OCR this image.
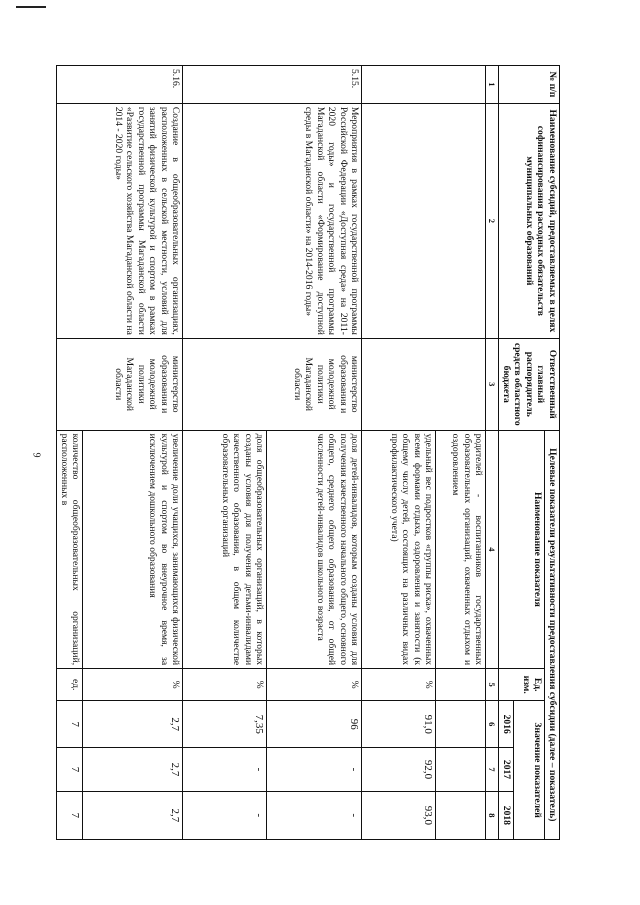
9
№ п/п	Наименование субсидий, предоставляемых в целях софинансирования расходных обязательств муниципальных образований	Ответственный главный распорядитель средств областного бюджета	Целевые показатели результативности предоставления субсидии (далее – показатель)				
			Наименование показателя	Ед. изм.	Значение показателей		
					2016	2017	2018
1	2	3	4	5	6	7	8
			родителей - воспитанников государственных образовательных организаций, охваченных отдыхом и оздоровлением				
			удельный вес подростков «группы риска», охваченных всеми формами отдыха, оздоровления и занятости (к общему числу детей, состоящих на различных видах профилактического учета)	%	91,0	92,0	93,0
5.15.	Мероприятия в рамках государственной программы Российской Федерации «Доступная среда» на 2011-2020 годы» и государственной программы Магаданской области «Формирование доступной среды в Магаданской области» на 2014-2016 годы»	министерство образования и молодежной политики Магаданской области	доля детей-инвалидов, которым созданы условия для получения качественного начального общего, основного общего, среднего общего образования, от общей численности детей-инвалидов школьного возраста	%	96	-	-
			доля общеобразовательных организаций, в которых созданы условия для получения детьми-инвалидами качественного образования, в общем количестве образовательных организаций	%	7,35	-	-
5.16.	Создание в общеобразовательных организациях, расположенных в сельской местности, условий для занятий физической культурой и спортом в рамках государственной программы Магаданской области «Развитие сельского хозяйства Магаданской области на 2014 - 2020 годы»	министерство образования и молодежной политики Магаданской области	увеличение доли учащихся, занимающихся физической культурой и спортом во внеурочное время, за исключением дошкольного образования	%	2,7	2,7	2,7
			количество общеобразовательных организаций, расположенных в	ед.	7	7	7
